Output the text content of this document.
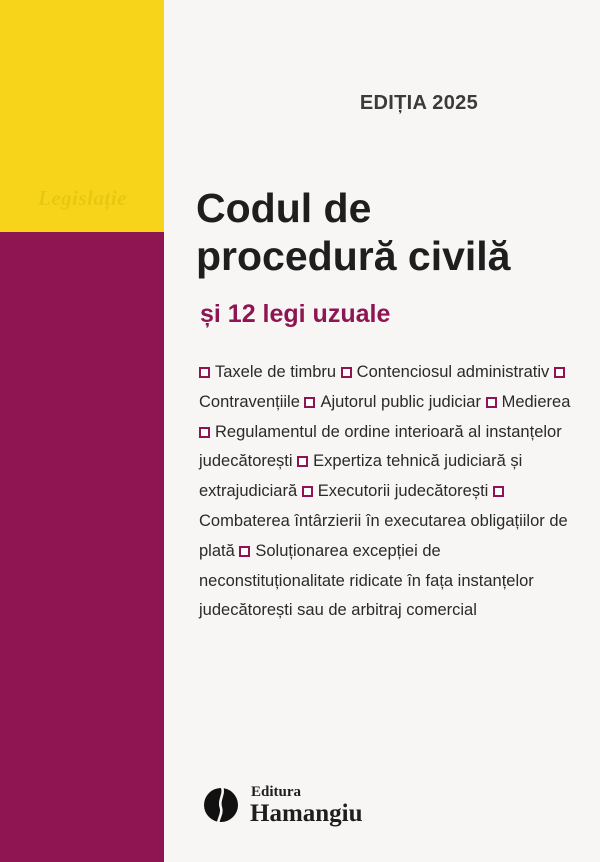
Legislație
EDIȚIA 2025
Codul de
procedură civilă
și 12 legi uzuale
Taxele de timbru Contenciosul administrativ Contravențiile Ajutorul public judiciar Medierea Regulamentul de ordine interioară al instanțelor judecătorești Expertiza tehnică judiciară și extrajudiciară Executorii judecătorești Combaterea întârzierii în executarea obligațiilor de plată Soluționarea excepției de neconstituționalitate ridicate în fața instanțelor judecătorești sau de arbitraj comercial
Editura
Hamangiu
